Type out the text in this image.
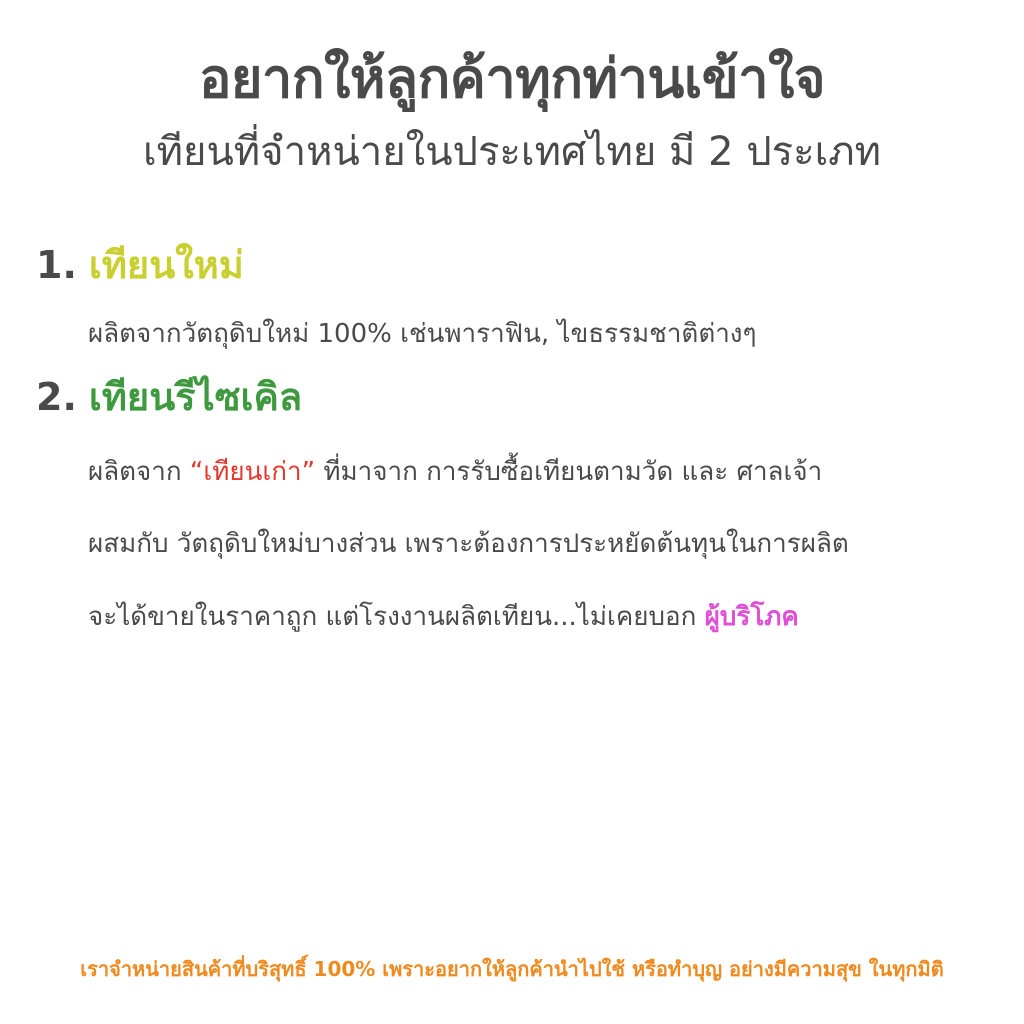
อยากให้ลูกค้าทุกท่านเข้าใจ
เทียนที่จำหน่ายในประเทศไทย มี 2 ประเภท
1. เทียนใหม่
ผลิตจากวัตถุดิบใหม่ 100% เช่นพาราฟิน, ไขธรรมชาติต่างๆ
2. เทียนรีไซเคิล
ผลิตจาก “เทียนเก่า” ที่มาจาก การรับซื้อเทียนตามวัด และ ศาลเจ้า
ผสมกับ วัตถุดิบใหม่บางส่วน เพราะต้องการประหยัดต้นทุนในการผลิต
จะได้ขายในราคาถูก แต่โรงงานผลิตเทียน...ไม่เคยบอก ผู้บริโภค
เราจำหน่ายสินค้าที่บริสุทธิ์ 100% เพราะอยากให้ลูกค้านำไปใช้ หรือทำบุญ อย่างมีความสุข ในทุกมิติ
